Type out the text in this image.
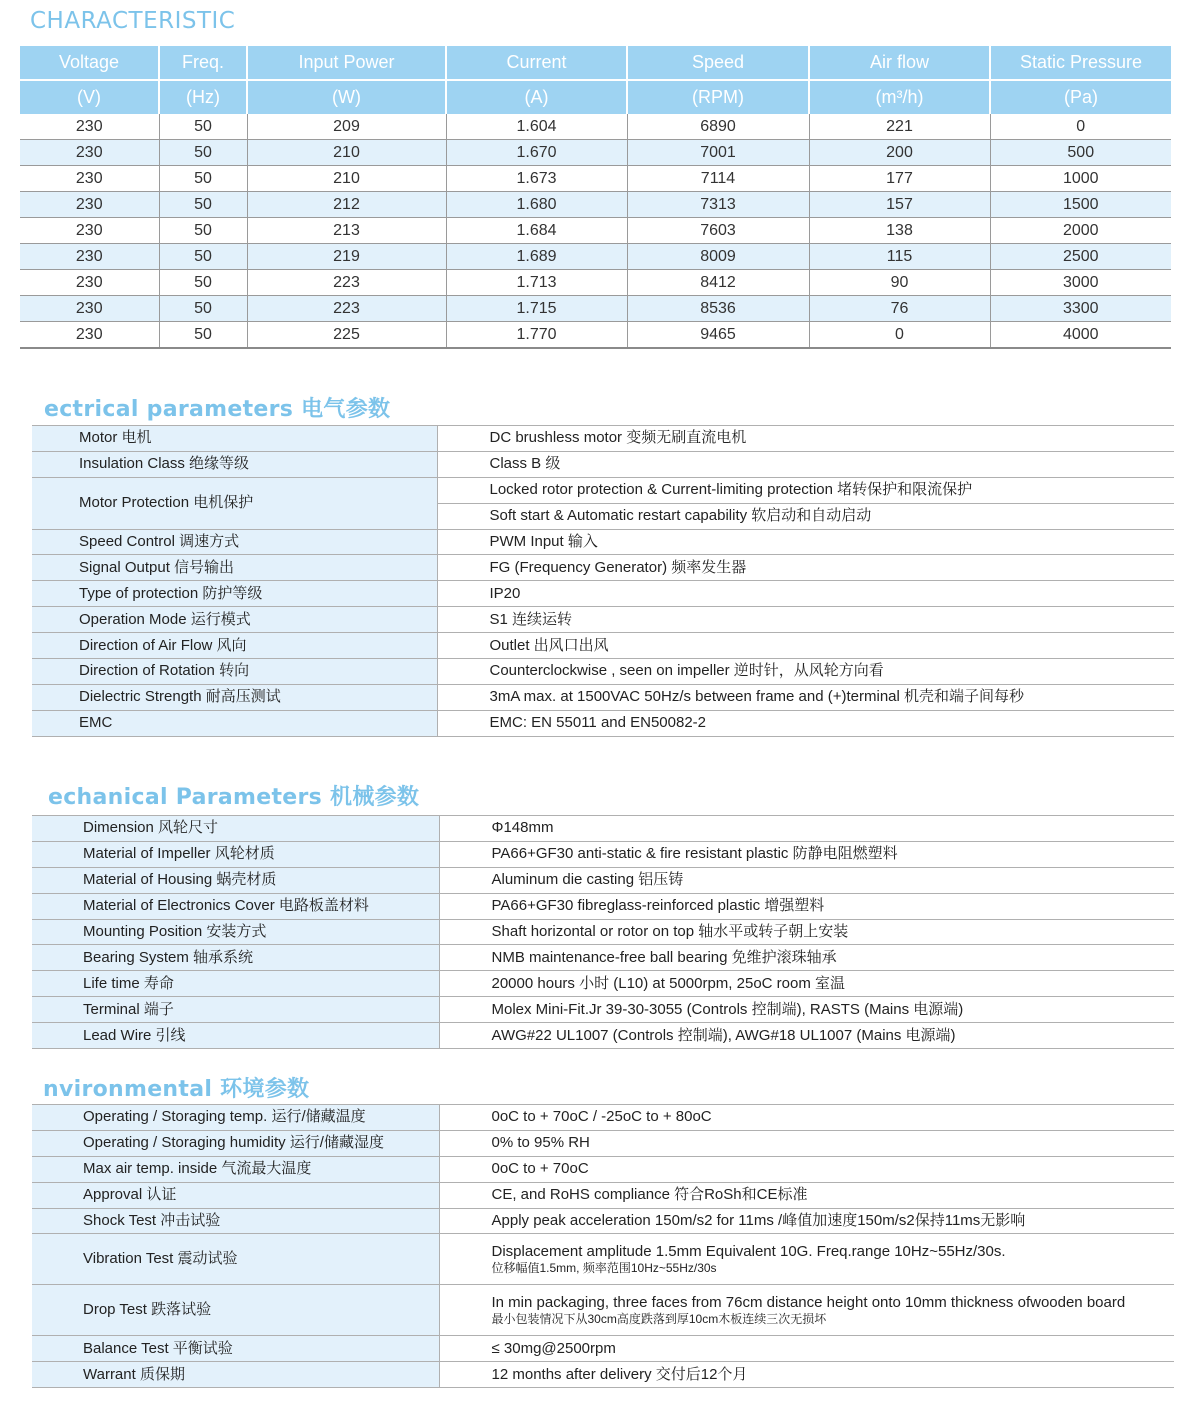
CHARACTERISTIC
Voltage	Freq.	Input Power	Current	Speed	Air flow	Static Pressure
(V)	(Hz)	(W)	(A)	(RPM)	(m³/h)	(Pa)
230	50	209	1.604	6890	221	0
230	50	210	1.670	7001	200	500
230	50	210	1.673	7114	177	1000
230	50	212	1.680	7313	157	1500
230	50	213	1.684	7603	138	2000
230	50	219	1.689	8009	115	2500
230	50	223	1.713	8412	90	3000
230	50	223	1.715	8536	76	3300
230	50	225	1.770	9465	0	4000
ectrical parameters 电气参数
Motor 电机	DC brushless motor 变频无刷直流电机
Insulation Class 绝缘等级	Class B 级
Motor Protection 电机保护	Locked rotor protection & Current-limiting protection 堵转保护和限流保护
	Soft start & Automatic restart capability 软启动和自动启动
Speed Control 调速方式	PWM Input 输入
Signal Output 信号输出	FG (Frequency Generator) 频率发生器
Type of protection 防护等级	IP20
Operation Mode 运行模式	S1 连续运转
Direction of Air Flow 风向	Outlet 出风口出风
Direction of Rotation 转向	Counterclockwise , seen on impeller 逆时针，从风轮方向看
Dielectric Strength 耐高压测试	3mA max. at 1500VAC 50Hz/s between frame and (+)terminal 机壳和端子间每秒
EMC	EMC: EN 55011 and EN50082-2
echanical Parameters 机械参数
Dimension 风轮尺寸	Φ148mm
Material of Impeller 风轮材质	PA66+GF30 anti-static & fire resistant plastic 防静电阻燃塑料
Material of Housing 蜗壳材质	Aluminum die casting 铝压铸
Material of Electronics Cover 电路板盖材料	PA66+GF30 fibreglass-reinforced plastic 增强塑料
Mounting Position 安装方式	Shaft horizontal or rotor on top 轴水平或转子朝上安装
Bearing System 轴承系统	NMB maintenance-free ball bearing 免维护滚珠轴承
Life time 寿命	20000 hours 小时 (L10) at 5000rpm, 25oC room 室温
Terminal 端子	Molex Mini-Fit.Jr 39-30-3055 (Controls 控制端), RASTS (Mains 电源端)
Lead Wire 引线	AWG#22 UL1007 (Controls 控制端), AWG#18 UL1007 (Mains 电源端)
nvironmental 环境参数
Operating / Storaging temp. 运行/储藏温度	0oC to + 70oC / -25oC to + 80oC
Operating / Storaging humidity 运行/储藏湿度	0% to 95% RH
Max air temp. inside 气流最大温度	0oC to + 70oC
Approval 认证	CE, and RoHS compliance 符合RoSh和CE标准
Shock Test 冲击试验	Apply peak acceleration 150m/s2 for 11ms /峰值加速度150m/s2保持11ms无影响
Vibration Test 震动试验	Displacement amplitude 1.5mm Equivalent 10G. Freq.range 10Hz~55Hz/30s.
位移幅值1.5mm, 频率范围10Hz~55Hz/30s

Drop Test 跌落试验	In min packaging, three faces from 76cm distance height onto 10mm thickness ofwooden board
最小包装情况下从30cm高度跌落到厚10cm木板连续三次无损坏

Balance Test 平衡试验	≤ 30mg@2500rpm
Warrant 质保期	12 months after delivery 交付后12个月
